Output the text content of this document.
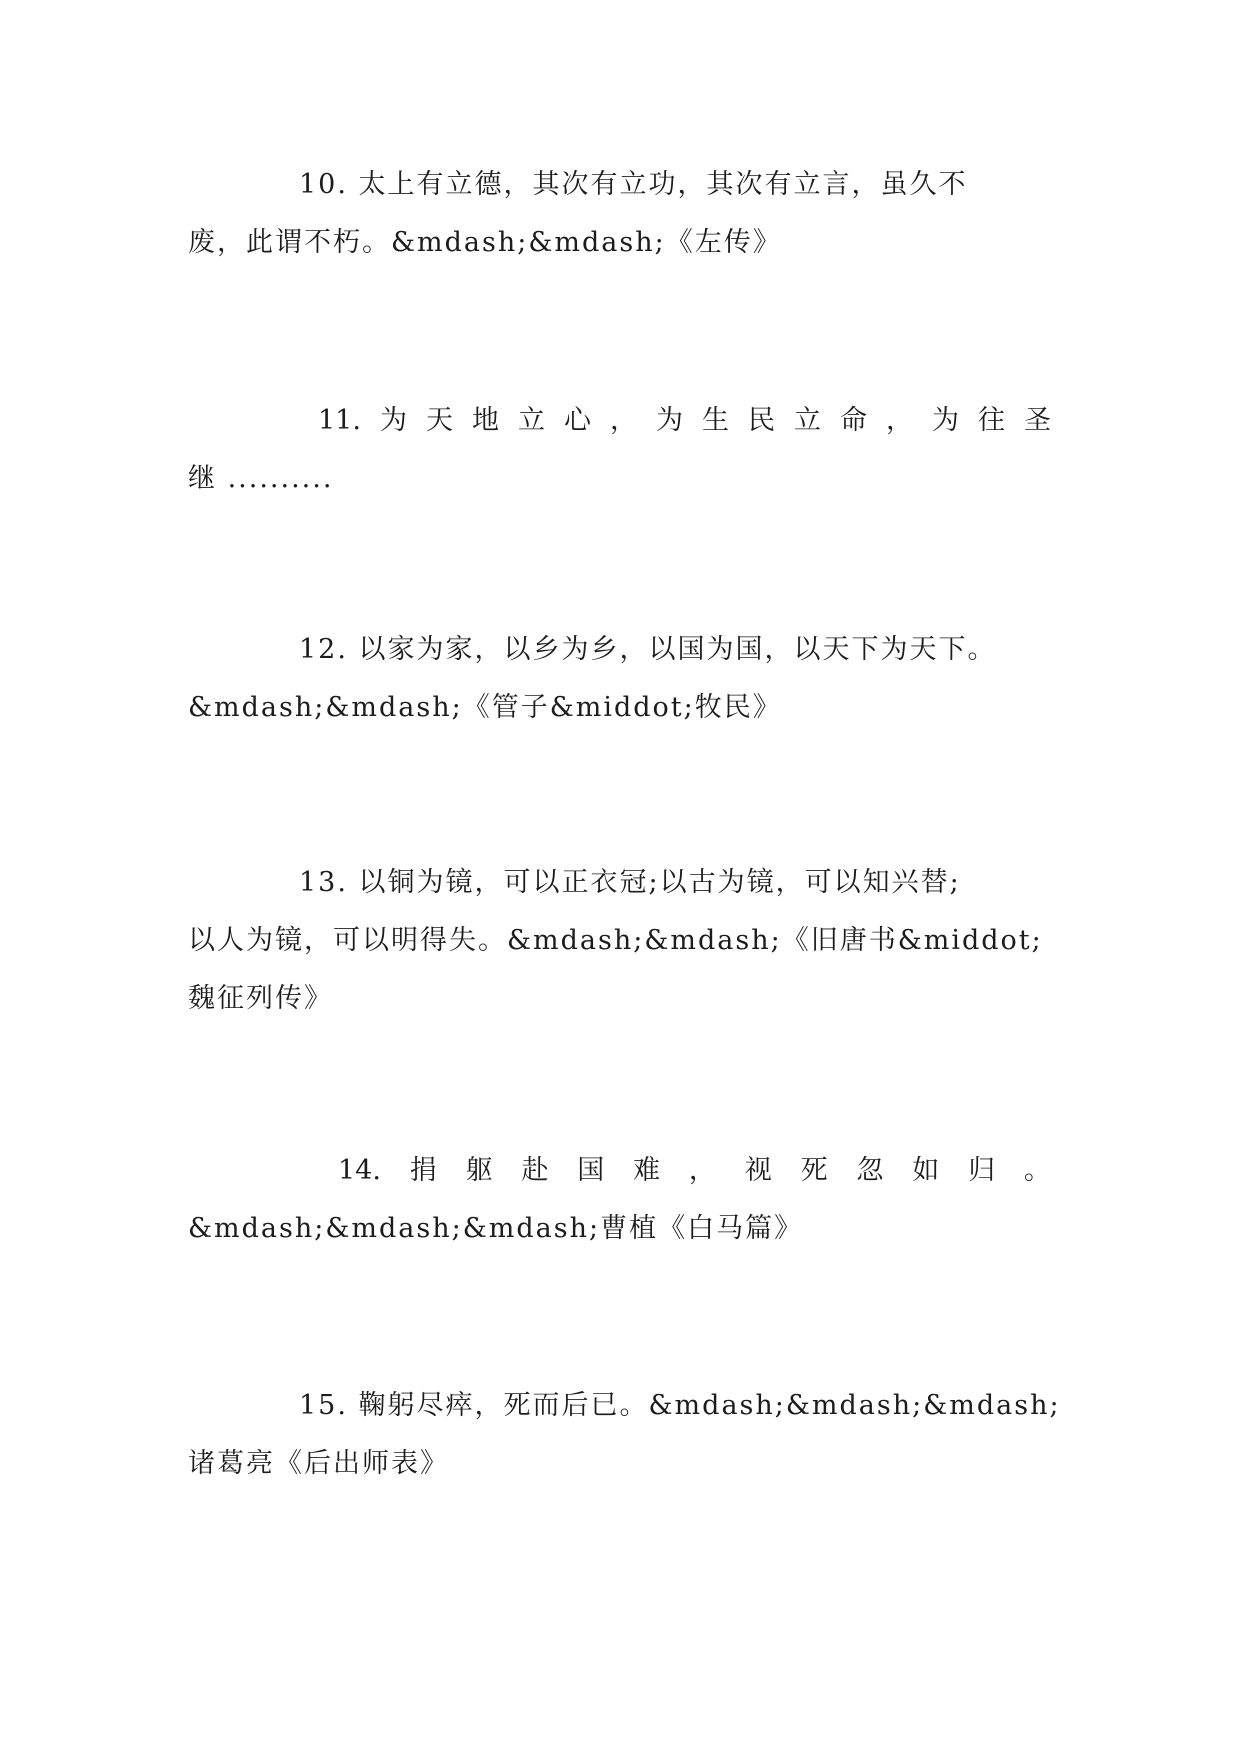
10. 太上有立德，其次有立功，其次有立言，虽久不
废，此谓不朽。&mdash;&mdash;《左传》
11. 为 天 地 立 心 ， 为 生 民 立 命 ， 为 往 圣
继 ..........
12. 以家为家，以乡为乡，以国为国，以天下为天下。
&mdash;&mdash;《管子&middot;牧民》
13. 以铜为镜，可以正衣冠;以古为镜，可以知兴替;
以人为镜，可以明得失。&mdash;&mdash;《旧唐书&middot;
魏征列传》
14. 捐 躯 赴 国 难 ， 视 死 忽 如 归 。
&mdash;&mdash;&mdash;曹植《白马篇》
15. 鞠躬尽瘁，死而后已。&mdash;&mdash;&mdash;
诸葛亮《后出师表》
